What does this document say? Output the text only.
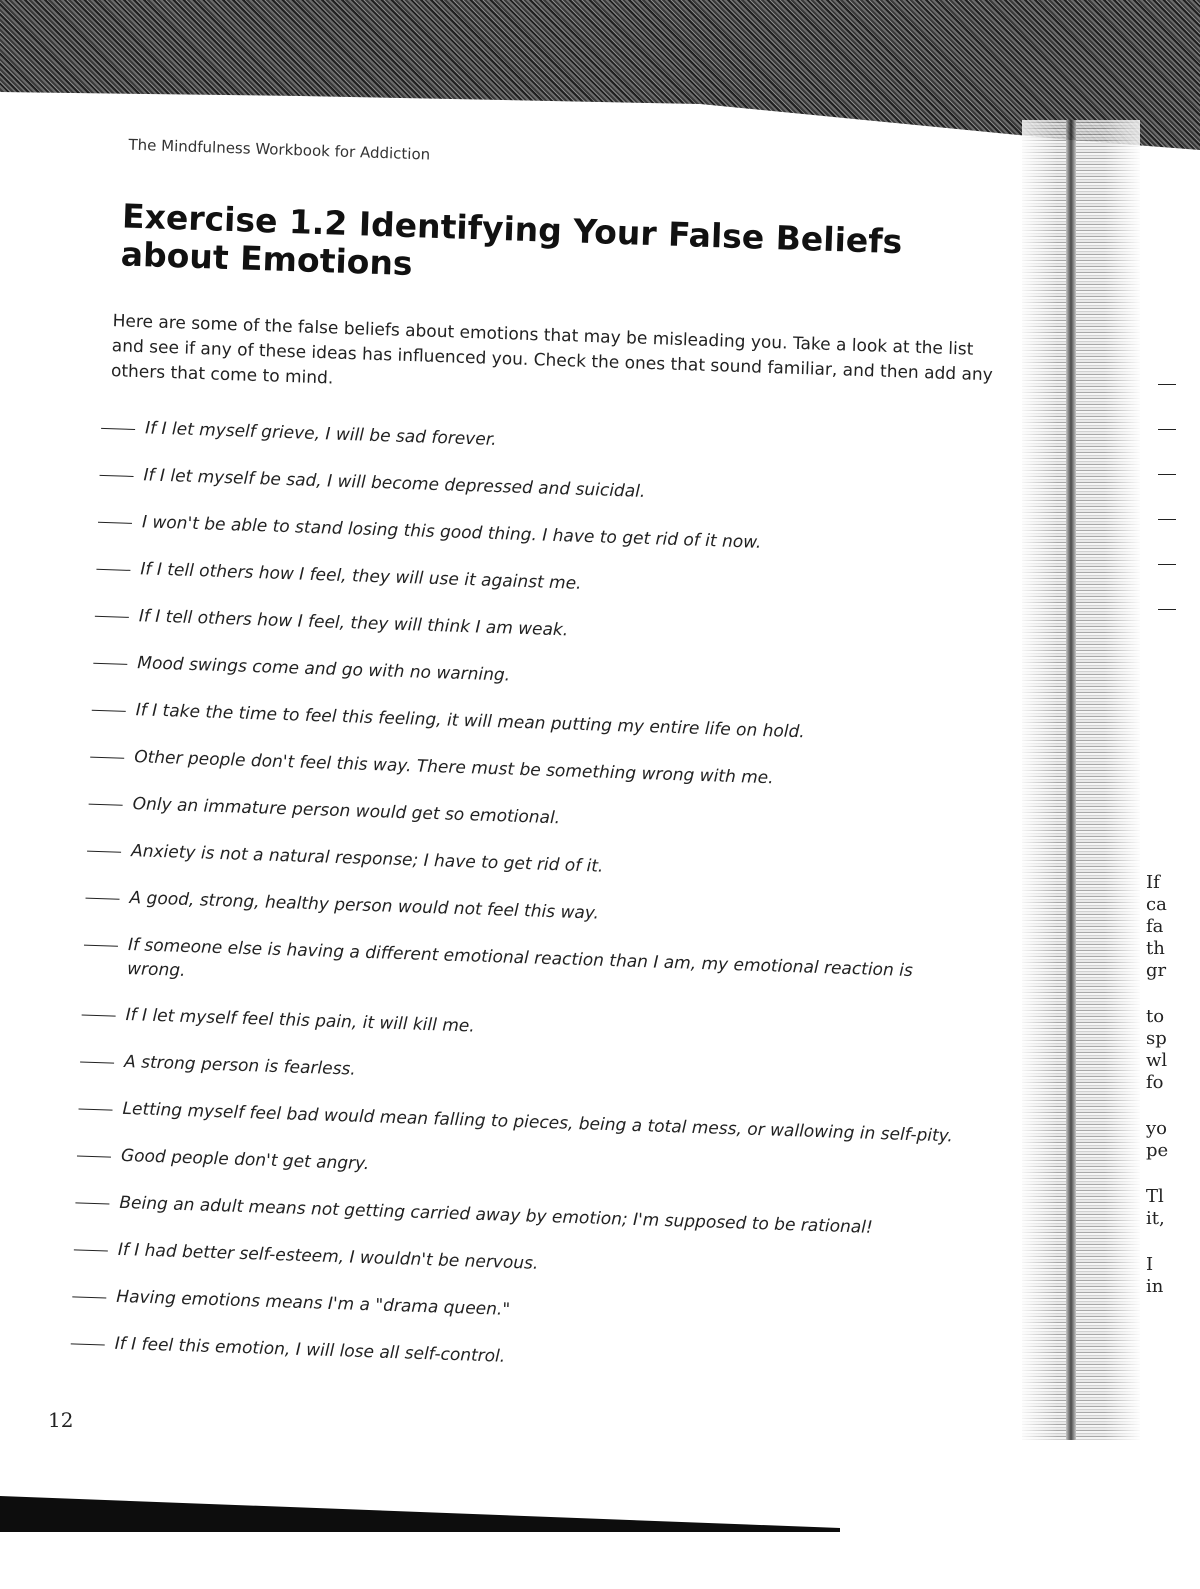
The Mindfulness Workbook for Addiction
Exercise 1.2 Identifying Your False Beliefs about Emotions

Here are some of the false beliefs about emotions that may be misleading you. Take a look at the list and see if any of these ideas has influenced you. Check the ones that sound familiar, and then add any others that come to mind.

If I let myself grieve, I will be sad forever.
If I let myself be sad, I will become depressed and suicidal.
I won't be able to stand losing this good thing. I have to get rid of it now.
If I tell others how I feel, they will use it against me.
If I tell others how I feel, they will think I am weak.
Mood swings come and go with no warning.
If I take the time to feel this feeling, it will mean putting my entire life on hold.
Other people don't feel this way. There must be something wrong with me.
Only an immature person would get so emotional.
Anxiety is not a natural response; I have to get rid of it.
A good, strong, healthy person would not feel this way.
If someone else is having a different emotional reaction than I am, my emotional reaction is wrong.
If I let myself feel this pain, it will kill me.
A strong person is fearless.
Letting myself feel bad would mean falling to pieces, being a total mess, or wallowing in self-pity.
Good people don't get angry.
Being an adult means not getting carried away by emotion; I'm supposed to be rational!
If I had better self-esteem, I wouldn't be nervous.
Having emotions means I'm a "drama queen."
If I feel this emotion, I will lose all self-control.
12
If
ca
fa
th
gr
to
sp
wl
fo
yo
pe
Tl
it,
I
in
